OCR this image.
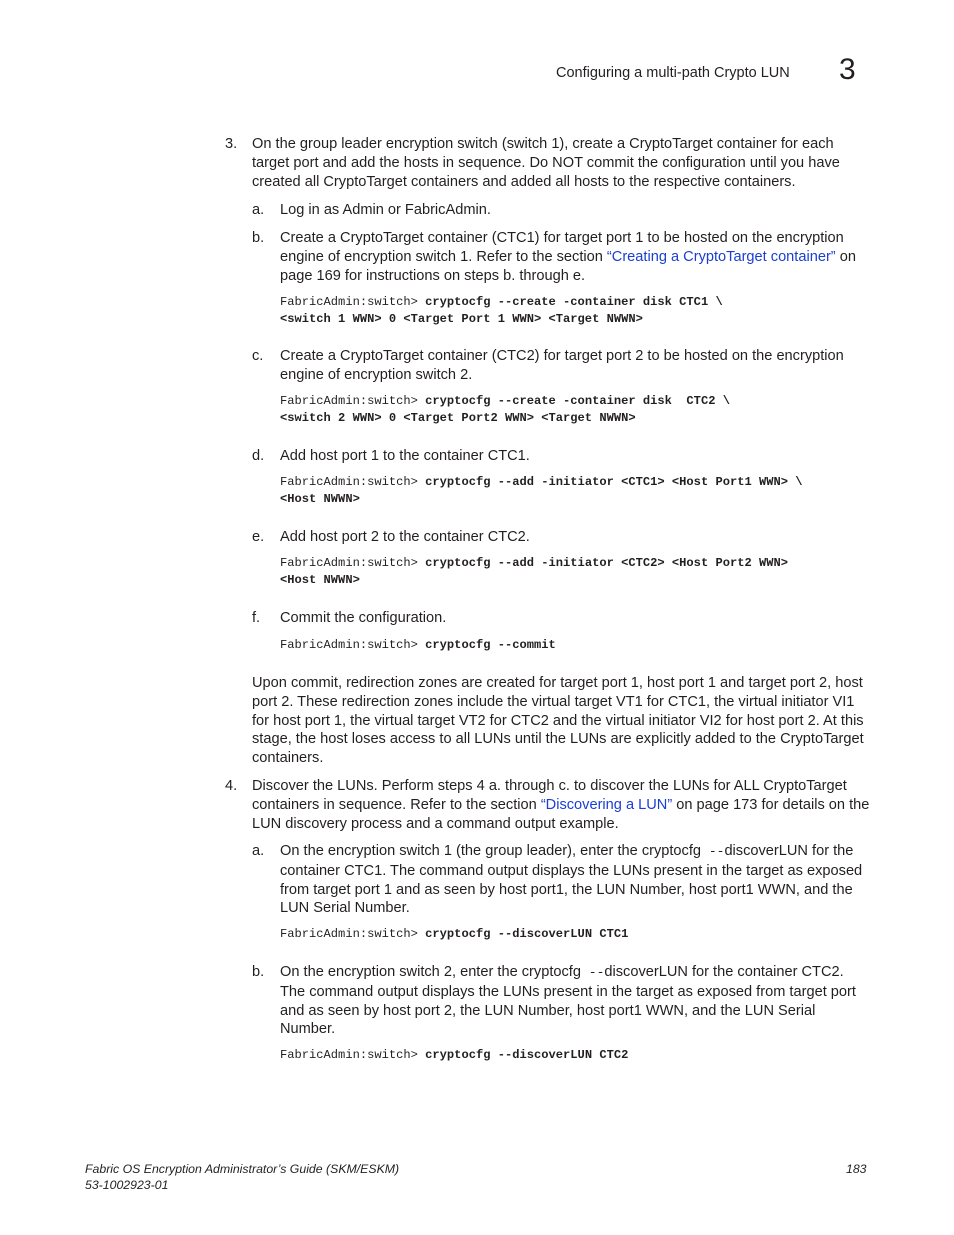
Configuring a multi-path Crypto LUN 3
3.	On the group leader encryption switch (switch 1), create a CryptoTarget container for each target port and add the hosts in sequence. Do NOT commit the configuration until you have created all CryptoTarget containers and added all hosts to the respective containers.

a.	Log in as Admin or FabricAdmin.

b.	Create a CryptoTarget container (CTC1) for target port 1 to be hosted on the encryption engine of encryption switch 1. Refer to the section “Creating a CryptoTarget container” on page 169 for instructions on steps b. through e.

FabricAdmin:switch> cryptocfg --create -container disk CTC1 \
<switch 1 WWN> 0 <Target Port 1 WWN> <Target NWWN>
c.	Create a CryptoTarget container (CTC2) for target port 2 to be hosted on the encryption engine of encryption switch 2.

FabricAdmin:switch> cryptocfg --create -container disk  CTC2 \
<switch 2 WWN> 0 <Target Port2 WWN> <Target NWWN>
d.	Add host port 1 to the container CTC1.

FabricAdmin:switch> cryptocfg --add -initiator <CTC1> <Host Port1 WWN> \
<Host NWWN>
e.	Add host port 2 to the container CTC2.

FabricAdmin:switch> cryptocfg --add -initiator <CTC2> <Host Port2 WWN>
<Host NWWN>
f.	Commit the configuration.

FabricAdmin:switch> cryptocfg --commit

Upon commit, redirection zones are created for target port 1, host port 1 and target port 2, host port 2. These redirection zones include the virtual target VT1 for CTC1, the virtual initiator VI1 for host port 1, the virtual target VT2 for CTC2 and the virtual initiator VI2 for host port 2. At this stage, the host loses access to all LUNs until the LUNs are explicitly added to the CryptoTarget containers.

4.	Discover the LUNs. Perform steps 4 a. through c. to discover the LUNs for ALL CryptoTarget containers in sequence. Refer to the section “Discovering a LUN” on page 173 for details on the LUN discovery process and a command output example.

a.	On the encryption switch 1 (the group leader), enter the cryptocfg --discoverLUN for the container CTC1. The command output displays the LUNs present in the target as exposed from target port 1 and as seen by host port1, the LUN Number, host port1 WWN, and the LUN Serial Number.

FabricAdmin:switch> cryptocfg --discoverLUN CTC1
b.	On the encryption switch 2, enter the cryptocfg --discoverLUN for the container CTC2. The command output displays the LUNs present in the target as exposed from target port and as seen by host port 2, the LUN Number, host port1 WWN, and the LUN Serial Number.

FabricAdmin:switch> cryptocfg --discoverLUN CTC2
Fabric OS Encryption Administrator’s Guide (SKM/ESKM)
53-1002923-01
183
